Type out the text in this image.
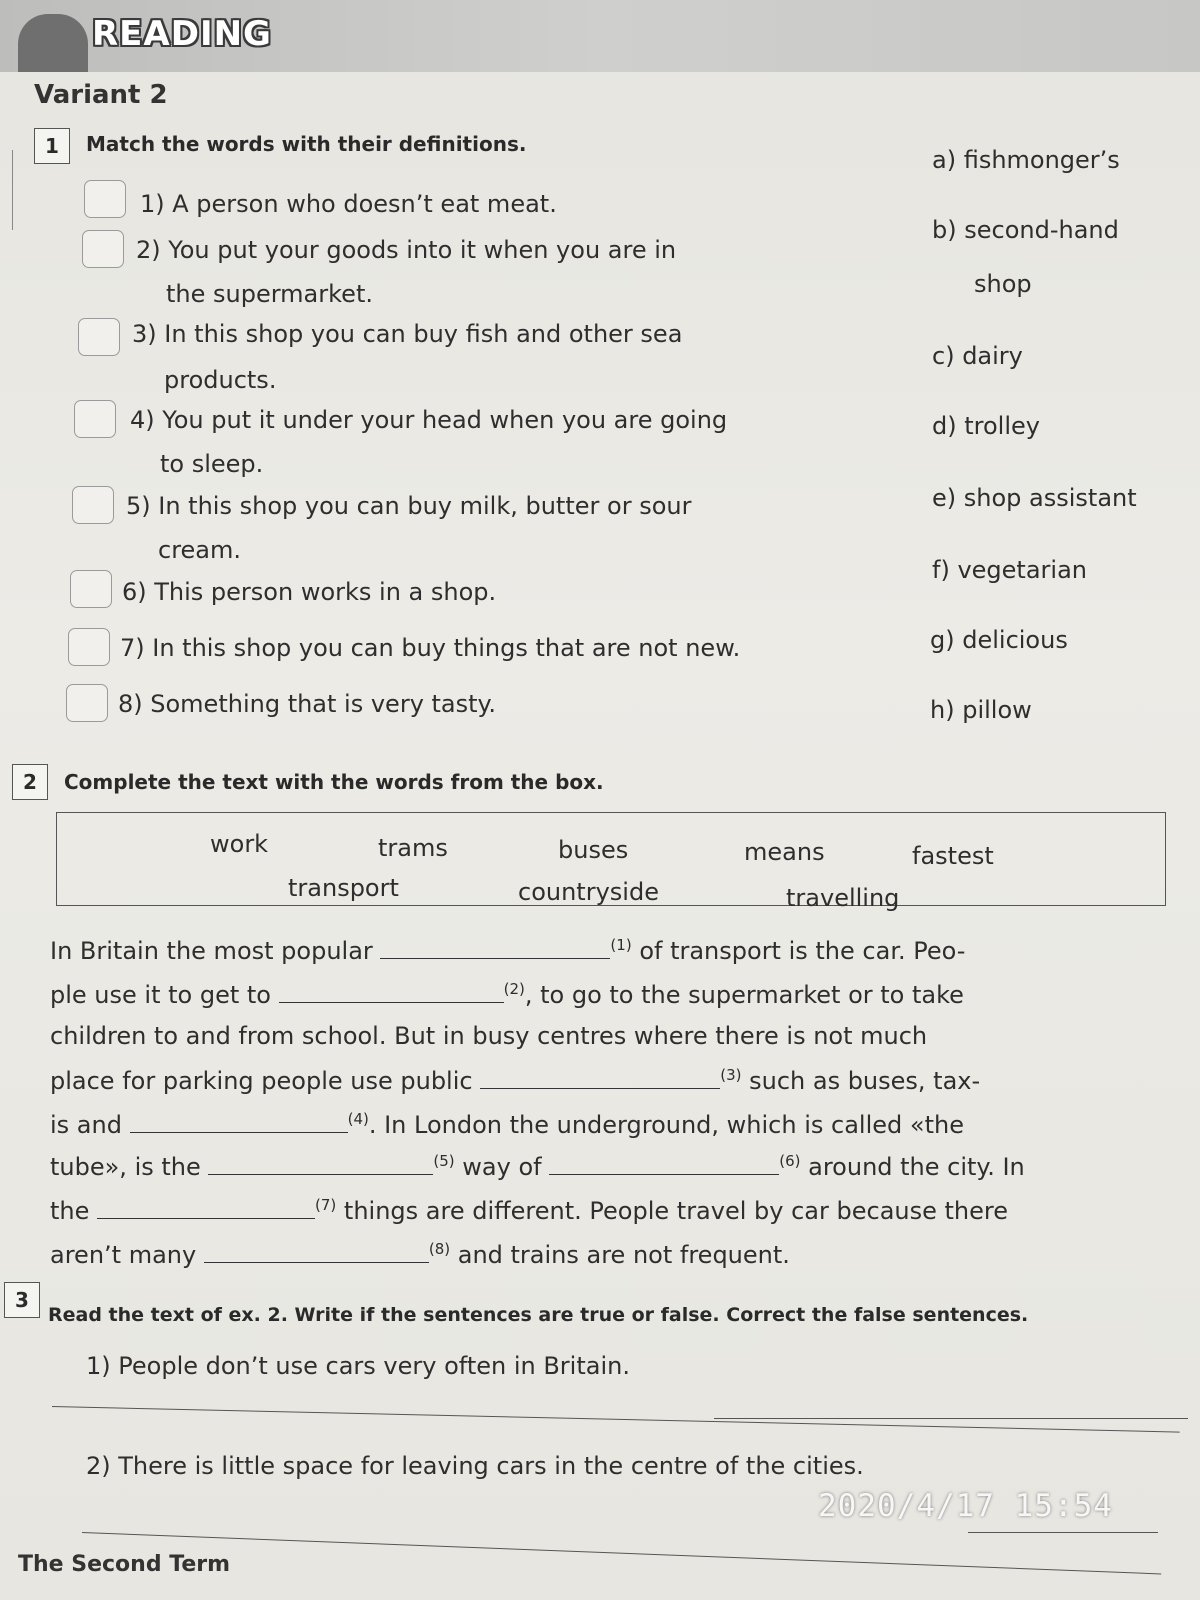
READING
Variant 2
1	Match the words with their definitions.
1) A person who doesn’t eat meat.
2) You put your goods into it when you are in
the supermarket.
3) In this shop you can buy fish and other sea
products.
4) You put it under your head when you are going
to sleep.
5) In this shop you can buy milk, butter or sour
cream.
6) This person works in a shop.
7) In this shop you can buy things that are not new.
8) Something that is very tasty.
a) fishmonger’s
b) second-hand
shop
c) dairy
d) trolley
e) shop assistant
f) vegetarian
g) delicious
h) pillow
2	Complete the text with the words from the box.
work	trams	buses	means	fastest
transport	countryside	travelling
In Britain the most popular	$^{(1)}$ of transport is the car. Peo-
ple use it to get to	$^{(2)}$, to go to the supermarket or to take
children to and from school. But in busy centres where there is not much
place for parking people use public	$^{(3)}$ such as buses, tax-
is and	$^{(4)}$. In London the underground, which is called «the
tube», is the	$^{(5)}$ way of	$^{(6)}$ around the city. In
the	$^{(7)}$ things are different. People travel by car because there
aren’t many	$^{(8)}$ and trains are not frequent.
3
Read the text of ex. 2. Write if the sentences are true or false. Correct the false sentences.
1) People don’t use cars very often in Britain.
2) There is little space for leaving cars in the centre of the cities.
2020/4/17 15:54
The Second Term
